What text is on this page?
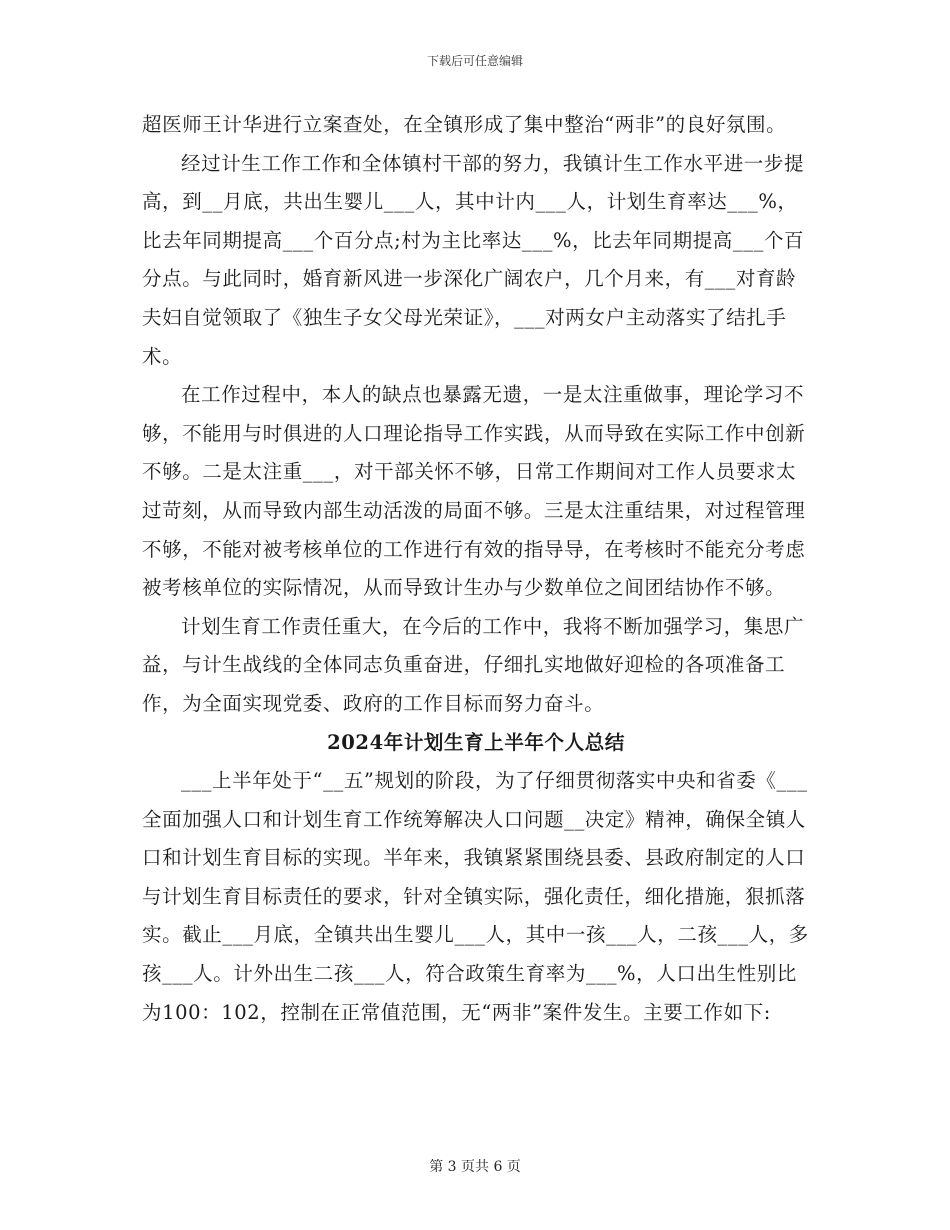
下载后可任意编辑

超医师王计华进行立案查处，在全镇形成了集中整治“两非”的良好氛围。

经过计生工作工作和全体镇村干部的努力，我镇计生工作水平进一步提高，到__月底，共出生婴儿___人，其中计内___人，计划生育率达___%，比去年同期提高___个百分点;村为主比率达___%，比去年同期提高___个百分点。与此同时，婚育新风进一步深化广阔农户，几个月来，有___对育龄夫妇自觉领取了《独生子女父母光荣证》，___对两女户主动落实了结扎手术。

在工作过程中，本人的缺点也暴露无遗，一是太注重做事，理论学习不够，不能用与时俱进的人口理论指导工作实践，从而导致在实际工作中创新不够。二是太注重___，对干部关怀不够，日常工作期间对工作人员要求太过苛刻，从而导致内部生动活泼的局面不够。三是太注重结果，对过程管理不够，不能对被考核单位的工作进行有效的指导导，在考核时不能充分考虑被考核单位的实际情况，从而导致计生办与少数单位之间团结协作不够。

计划生育工作责任重大，在今后的工作中，我将不断加强学习，集思广益，与计生战线的全体同志负重奋进，仔细扎实地做好迎检的各项准备工作，为全面实现党委、政府的工作目标而努力奋斗。

2024年计划生育上半年个人总结

___上半年处于“__五”规划的阶段，为了仔细贯彻落实中央和省委《___全面加强人口和计划生育工作统筹解决人口问题__决定》精神，确保全镇人口和计划生育目标的实现。半年来，我镇紧紧围绕县委、县政府制定的人口与计划生育目标责任的要求，针对全镇实际，强化责任，细化措施，狠抓落实。截止___月底，全镇共出生婴儿___人，其中一孩___人，二孩___人，多孩___人。计外出生二孩___人，符合政策生育率为___%，人口出生性别比为100：102，控制在正常值范围，无“两非”案件发生。主要工作如下:

第 3 页共 6 页
